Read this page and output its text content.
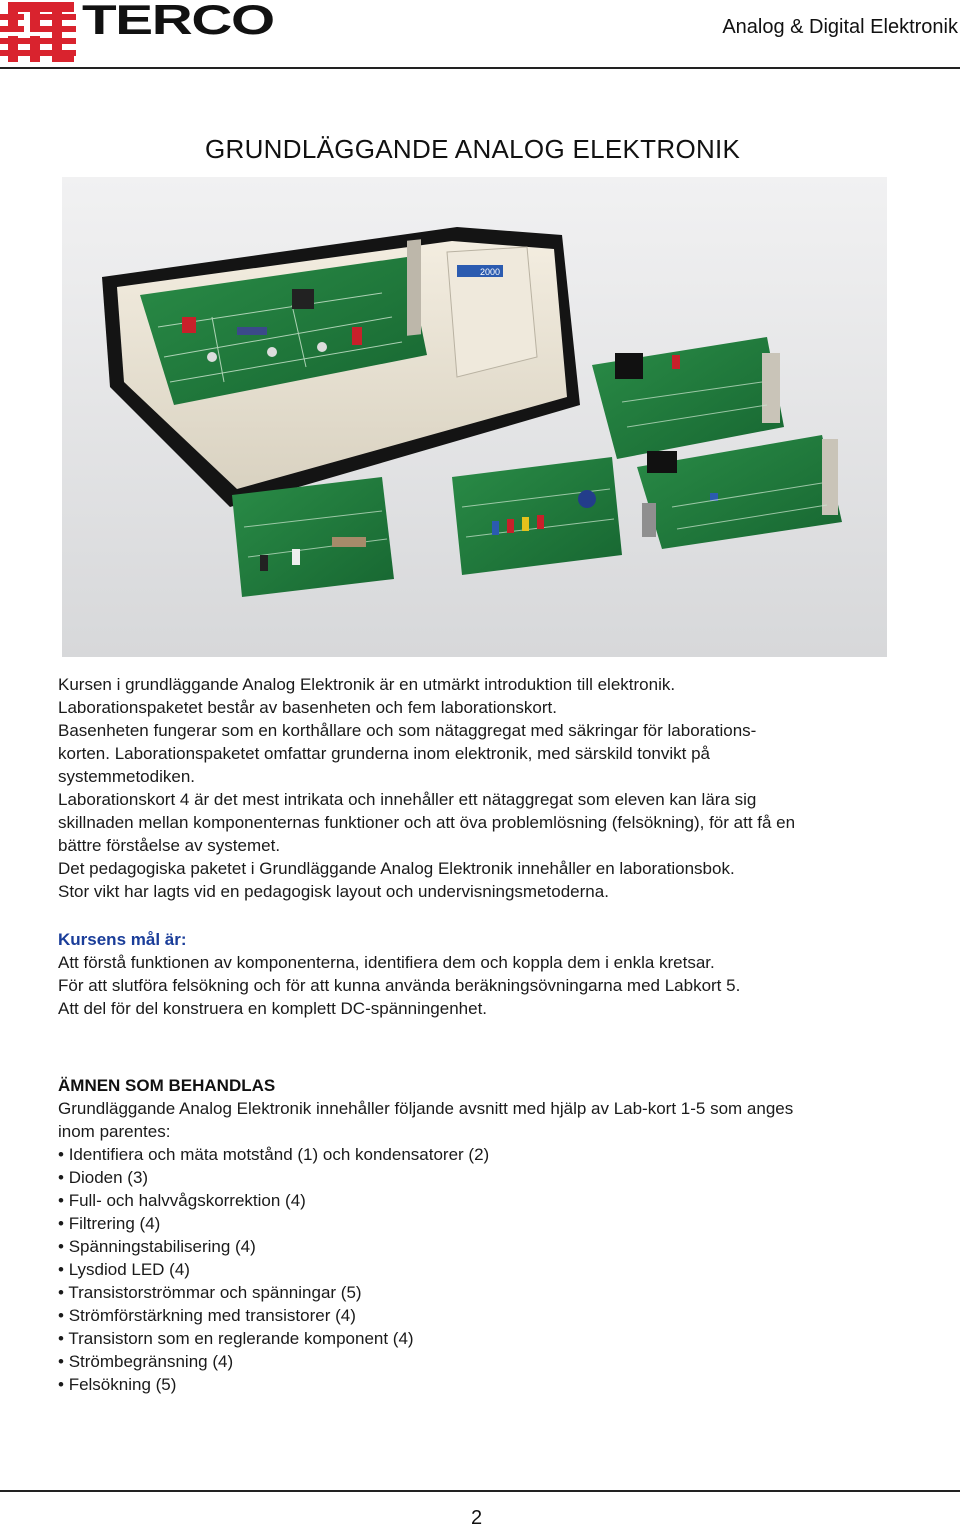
TERCO	Analog & Digital Elektronik
GRUNDLÄGGANDE ANALOG ELEKTRONIK
2000

Kursen i grundläggande Analog Elektronik är en utmärkt introduktion till elektronik.

Laborationspaketet består av basenheten och fem laborationskort.

Basenheten fungerar som en korthållare och som nätaggregat med säkringar för laborations-

korten. Laborationspaketet omfattar grunderna inom elektronik, med särskild tonvikt på

systemmetodiken.

Laborationskort 4 är det mest intrikata och innehåller ett nätaggregat som eleven kan lära sig

skillnaden mellan komponenternas funktioner och att öva problemlösning (felsökning), för att få en

bättre förståelse av systemet.

Det pedagogiska paketet i Grundläggande Analog Elektronik innehåller en laborationsbok.

Stor vikt har lagts vid en pedagogisk layout och undervisningsmetoderna.

Kursens mål är:

Att förstå funktionen av komponenterna, identifiera dem och koppla dem i enkla kretsar.

För att slutföra felsökning och för att kunna använda beräkningsövningarna med Labkort 5.

Att del för del konstruera en komplett DC-spänningenhet.

ÄMNEN SOM BEHANDLAS

Grundläggande Analog Elektronik innehåller följande avsnitt med hjälp av Lab-kort 1-5 som anges

inom parentes:

• Identifiera och mäta motstånd (1) och kondensatorer (2)
• Dioden (3)
• Full- och halvvågskorrektion (4)
• Filtrering (4)
• Spänningstabilisering (4)
• Lysdiod LED (4)
• Transistorströmmar och spänningar (5)
• Strömförstärkning med transistorer (4)
• Transistorn som en reglerande komponent (4)
• Strömbegränsning (4)
• Felsökning (5)
2
